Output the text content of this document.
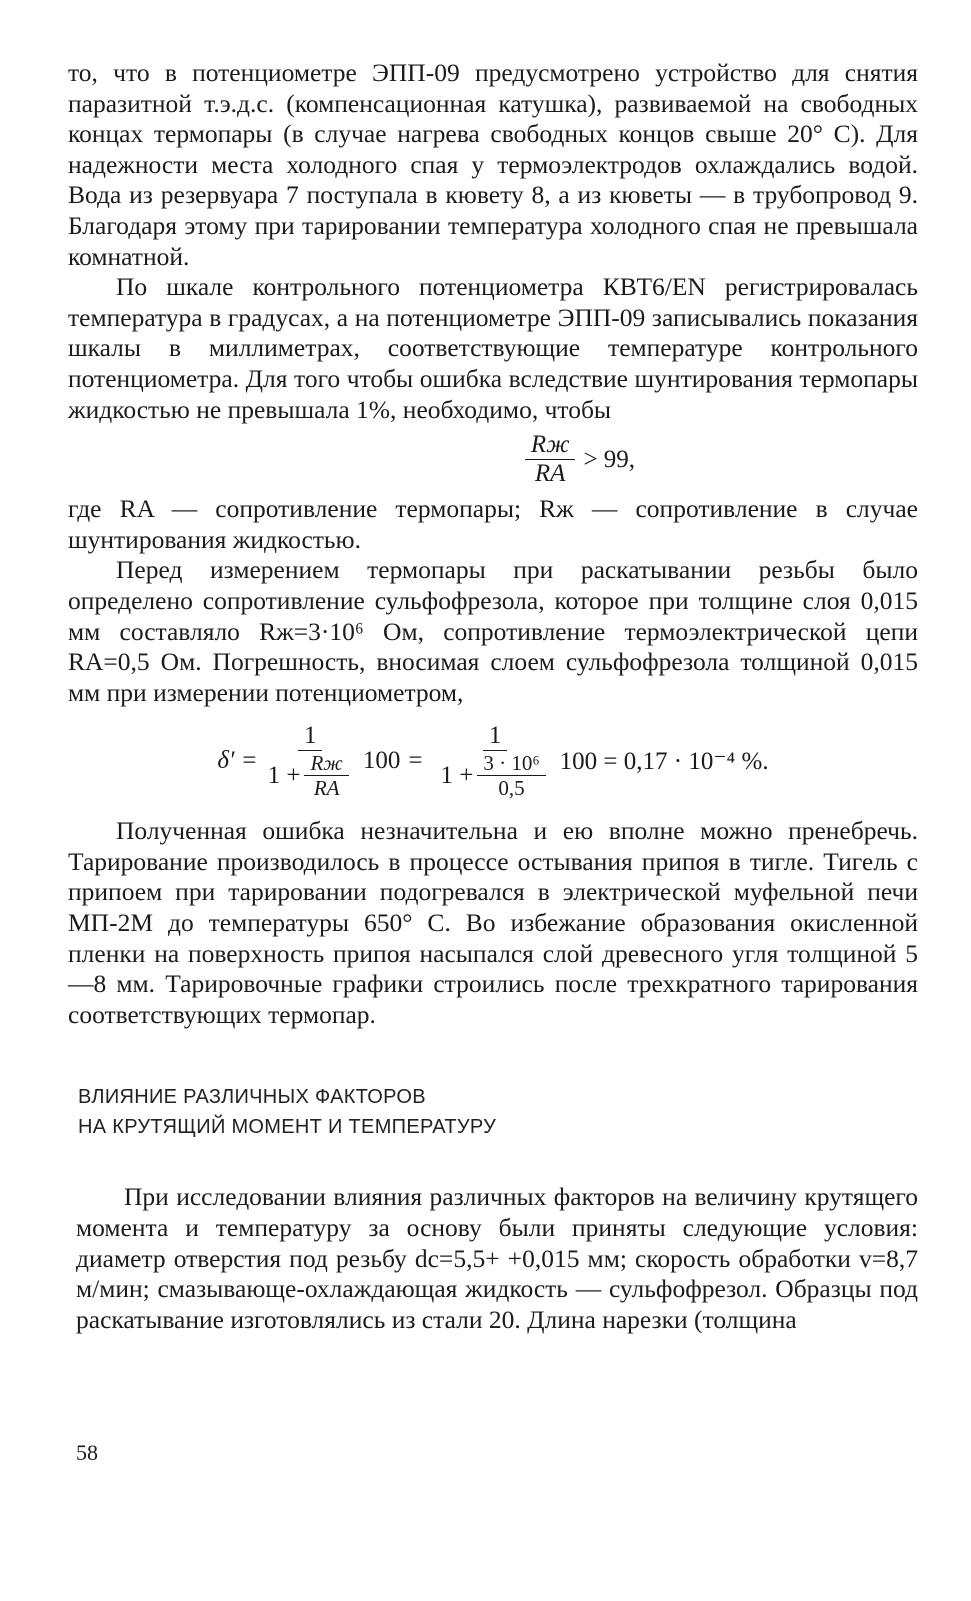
то, что в потенциометре ЭПП-09 предусмотрено устройство для снятия паразитной т.э.д.с. (компенсационная катушка), развиваемой на свободных концах термопары (в случае нагрева свободных концов свыше 20° С). Для надежности места холодного спая у термоэлектродов охлаждались водой. Вода из резервуара 7 поступала в кювету 8, а из кюветы — в трубопровод 9. Благодаря этому при тарировании температура холодного спая не превышала комнатной.

По шкале контрольного потенциометра КВТ6/EN регистрировалась температура в градусах, а на потенциометре ЭПП-09 записывались показания шкалы в миллиметрах, соответствующие температуре контрольного потенциометра. Для того чтобы ошибка вследствие шунтирования термопары жидкостью не превышала 1%, необходимо, чтобы

$\frac{Rж}{RA} > 99$,

где RA — сопротивление термопары; Rж — сопротивление в случае шунтирования жидкостью.

Перед измерением термопары при раскатывании резьбы было определено сопротивление сульфофрезола, которое при толщине слоя 0,015 мм составляло Rж=3·10⁶ Ом, сопротивление термоэлектрической цепи RA=0,5 Ом. Погрешность, вносимая слоем сульфофрезола толщиной 0,015 мм при измерении потенциометром,

$\delta' = \frac{1}{1 + \frac{Rж}{RA}} 100 = \frac{1}{1 + \frac{\text{3 · 10⁶}}{0,5}} 100 = 0,17 \cdot 10^{-4}$ %.

Полученная ошибка незначительна и ею вполне можно пренебречь. Тарирование производилось в процессе остывания припоя в тигле. Тигель с припоем при тарировании подогревался в электрической муфельной печи МП-2М до температуры 650° С. Во избежание образования окисленной пленки на поверхность припоя насыпался слой древесного угля толщиной 5—8 мм. Тарировочные графики строились после трехкратного тарирования соответствующих термопар.

ВЛИЯНИЕ РАЗЛИЧНЫХ ФАКТОРОВ

НА КРУТЯЩИЙ МОМЕНТ И ТЕМПЕРАТУРУ

При исследовании влияния различных факторов на величину крутящего момента и температуру за основу были приняты следующие условия: диаметр отверстия под резьбу dc=5,5+ +0,015 мм; скорость обработки v=8,7 м/мин; смазывающе-охлаждающая жидкость — сульфофрезол. Образцы под раскатывание изготовлялись из стали 20. Длина нарезки (толщина

58
